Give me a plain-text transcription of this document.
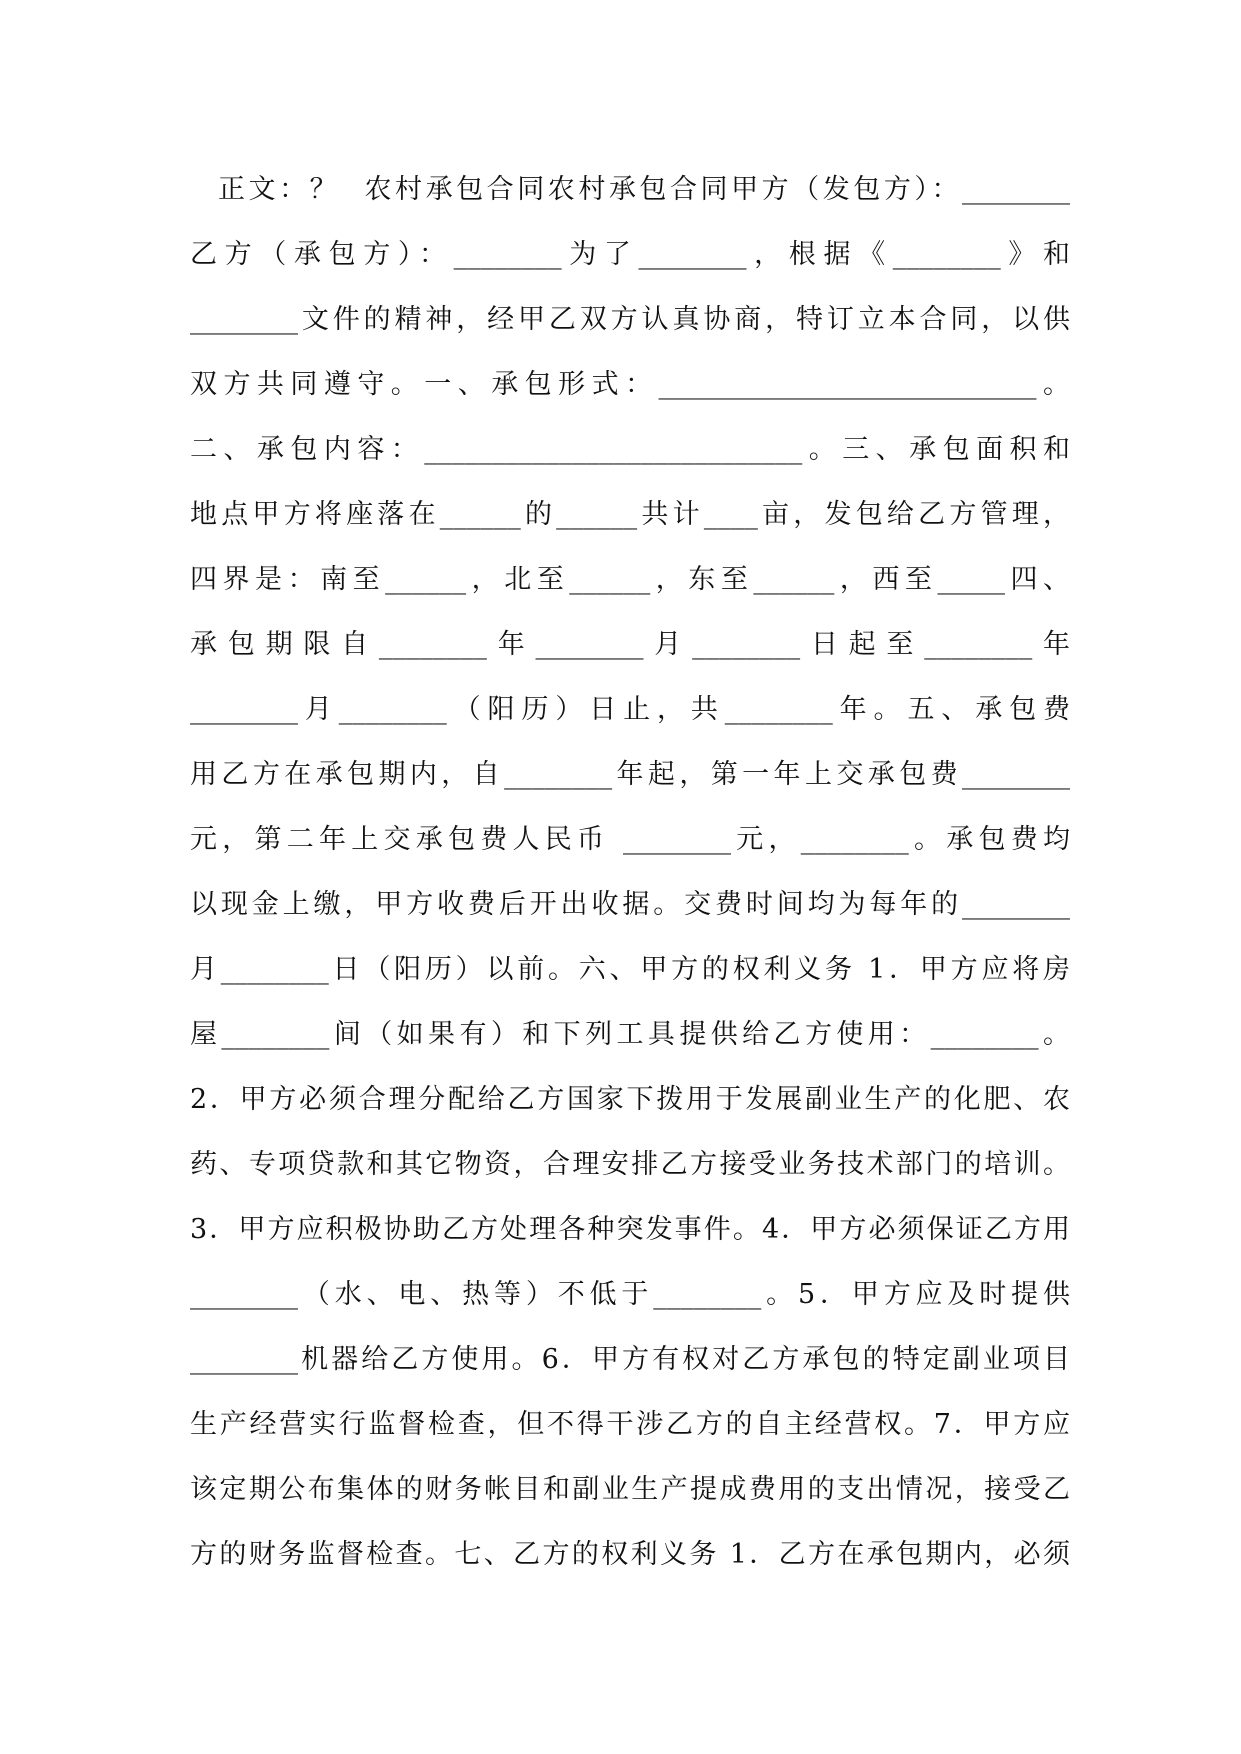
正文：？  农村承包合同农村承包合同甲方（发包方）：________
乙方（承包方）：________为了________，根据《________》和
________文件的精神，经甲乙双方认真协商，特订立本合同，以供
双方共同遵守。一、承包形式：____________________________。
二、承包内容：____________________________。三、承包面积和
地点甲方将座落在______的______共计____亩，发包给乙方管理，
四界是：南至______，北至______，东至______，西至_____四、
承包期限自________年________月________日起至________年
________月________（阳历）日止，共________年。五、承包费
用乙方在承包期内，自________年起，第一年上交承包费________
元，第二年上交承包费人民币 ________元，________。承包费均
以现金上缴，甲方收费后开出收据。交费时间均为每年的________
月________日（阳历）以前。六、甲方的权利义务 1．甲方应将房
屋________间（如果有）和下列工具提供给乙方使用：________。
2．甲方必须合理分配给乙方国家下拨用于发展副业生产的化肥、农
药、专项贷款和其它物资，合理安排乙方接受业务技术部门的培训。
3．甲方应积极协助乙方处理各种突发事件。4．甲方必须保证乙方用
________（水、电、热等）不低于________。5．甲方应及时提供
________机器给乙方使用。6．甲方有权对乙方承包的特定副业项目
生产经营实行监督检查，但不得干涉乙方的自主经营权。7．甲方应
该定期公布集体的财务帐目和副业生产提成费用的支出情况，接受乙
方的财务监督检查。七、乙方的权利义务 1．乙方在承包期内，必须
